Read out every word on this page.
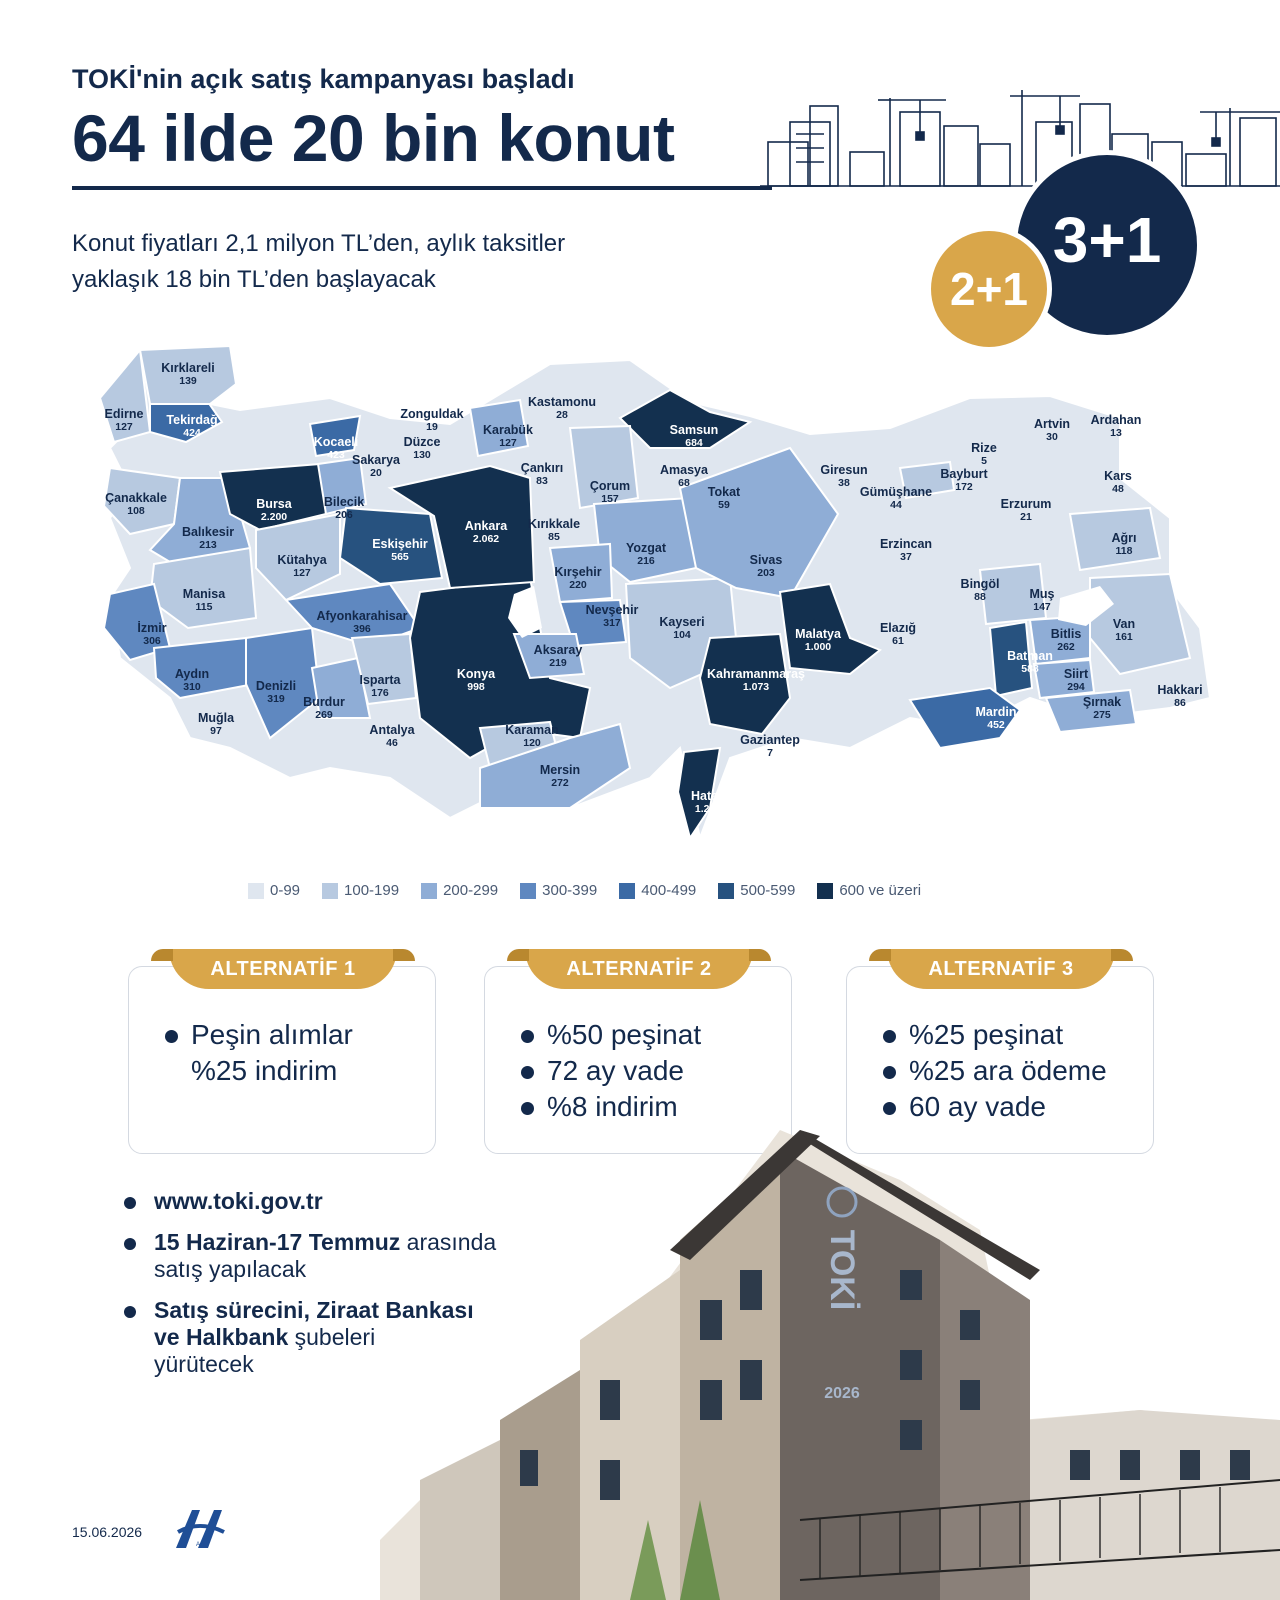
TOKİ'nin açık satış kampanyası başladı
64 ilde 20 bin konut
Konut fiyatları 2,1 milyon TL’den, aylık taksitler
yaklaşık 18 bin TL’den başlayacak
3+1
2+1
Kırklareli
139
Edirne
127	Tekirdağ
424
Çanakkale
108
Balıkesir
213
Bursa
2.200
Kocaeli
423 Sakarya
20
Düzce
130
Zonguldak
19
Bilecik
206
Kütahya
127
Eskişehir
565
Manisa
115
İzmir
306
Aydın
310
Muğla
97
Denizli
319
Afyonkarahisar
396
Burdur
269
Isparta
176
Antalya
46
Konya
998
Ankara
2.062
Karabük
127
Kastamonu
28
Çankırı
83
Kırıkkale
85
Kırşehir
220
Nevşehir
317
Aksaray
219
Karaman
120
Mersin
272
Çorum
157
Yozgat
216
Kayseri
104
Samsun
684
Amasya
68
Tokat
59
Sivas
203
Kahramanmaraş
1.073
Hatay
1.240
Gaziantep
7
Malatya
1.000
Giresun
38
Gümüşhane
44
Erzincan
37
Bayburt
172
Rize
5
Artvin
30
Ardahan
13
Kars
48
Erzurum
21
Ağrı
118
Bingöl
88
Elazığ
61
Muş
147
Van
161
Bitlis
262
Batman
588 Siirt
294
Mardin
452
Şırnak
275
Hakkari
86
0-99	100-199	200-299	300-399	400-499	500-599	600 ve üzeri
ALTERNATİF 1
Peşin alımlar
%25 indirim
ALTERNATİF 2
%50 peşinat
72 ay vade
%8 indirim
ALTERNATİF 3
%25 peşinat
%25 ara ödeme
60 ay vade
www.toki.gov.tr
15 Haziran-17 Temmuz arasında
satış yapılacak
Satış sürecini, Ziraat Bankası
ve Halkbank şubeleri
yürütecek
TOKİ
2026
15.06.2026
AA
